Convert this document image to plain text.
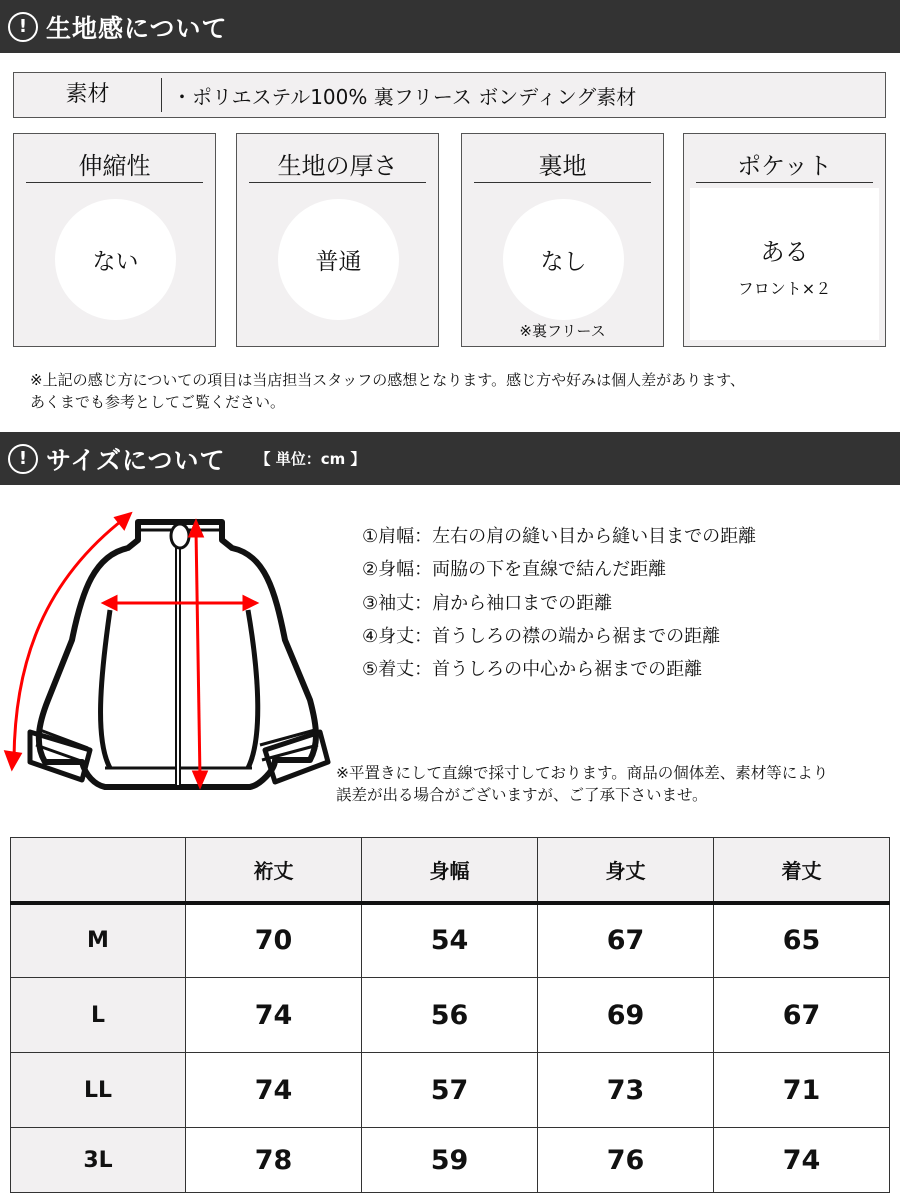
! 生地感について
素材	・ポリエステル100% 裏フリース ボンディング素材
伸縮性
ない
生地の厚さ
普通
裏地
なし
※裏フリース
ポケット
ある
フロント×２
※上記の感じ方についての項目は当店担当スタッフの感想となります。感じ方や好みは個人差があります、
あくまでも参考としてご覧ください。
! サイズについて 【 単位：cm 】
①肩幅：左右の肩の縫い目から縫い目までの距離
②身幅：両脇の下を直線で結んだ距離
③袖丈：肩から袖口までの距離
④身丈：首うしろの襟の端から裾までの距離
⑤着丈：首うしろの中心から裾までの距離
※平置きにして直線で採寸しております。商品の個体差、素材等により
誤差が出る場合がございますが、ご了承下さいませ。
	裄丈	身幅	身丈	着丈
M	70	54	67	65
L	74	56	69	67
LL	74	57	73	71
3L	78	59	76	74
